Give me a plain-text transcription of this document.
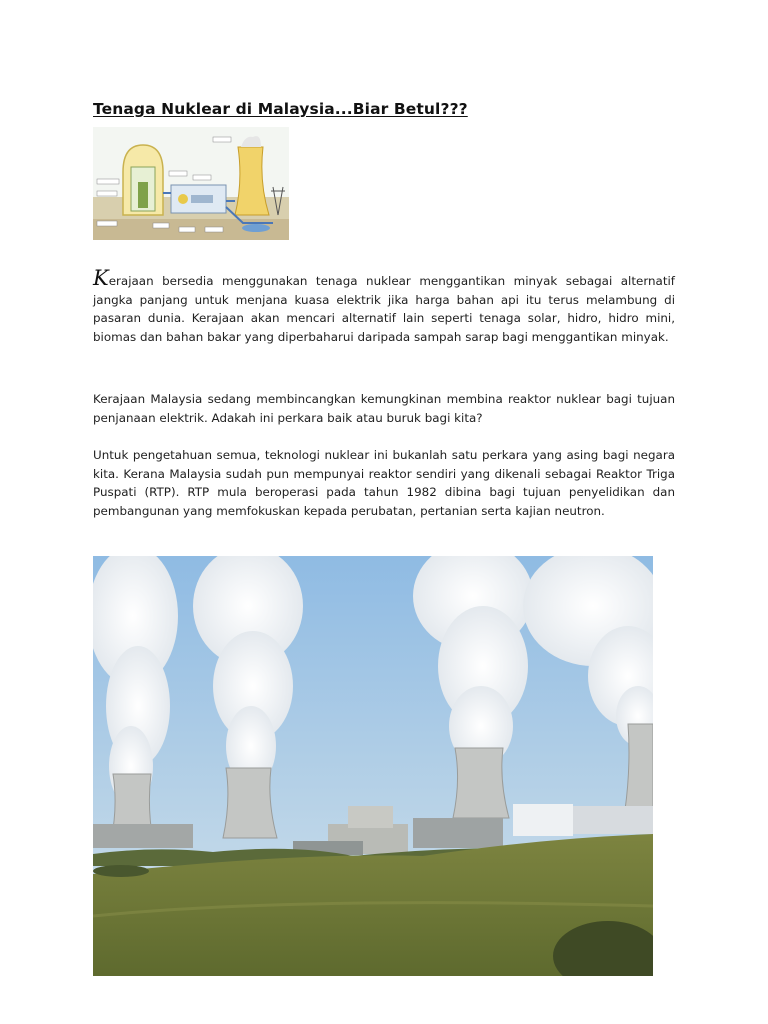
Tenaga Nuklear di Malaysia...Biar Betul???

Kerajaan bersedia menggunakan tenaga nuklear menggantikan minyak sebagai alternatif jangka panjang untuk menjana kuasa elektrik jika harga bahan api itu terus melambung di pasaran dunia. Kerajaan akan mencari alternatif lain seperti tenaga solar, hidro, hidro mini, biomas dan bahan bakar yang diperbaharui daripada sampah sarap bagi menggantikan minyak.

Kerajaan Malaysia sedang membincangkan kemungkinan membina reaktor nuklear bagi tujuan penjanaan elektrik. Adakah ini perkara baik atau buruk bagi kita?

Untuk pengetahuan semua, teknologi nuklear ini bukanlah satu perkara yang asing bagi negara kita. Kerana Malaysia sudah pun mempunyai reaktor sendiri yang dikenali sebagai Reaktor Triga Puspati (RTP). RTP mula beroperasi pada tahun 1982 dibina bagi tujuan penyelidikan dan pembangunan yang memfokuskan kepada perubatan, pertanian serta kajian neutron.
